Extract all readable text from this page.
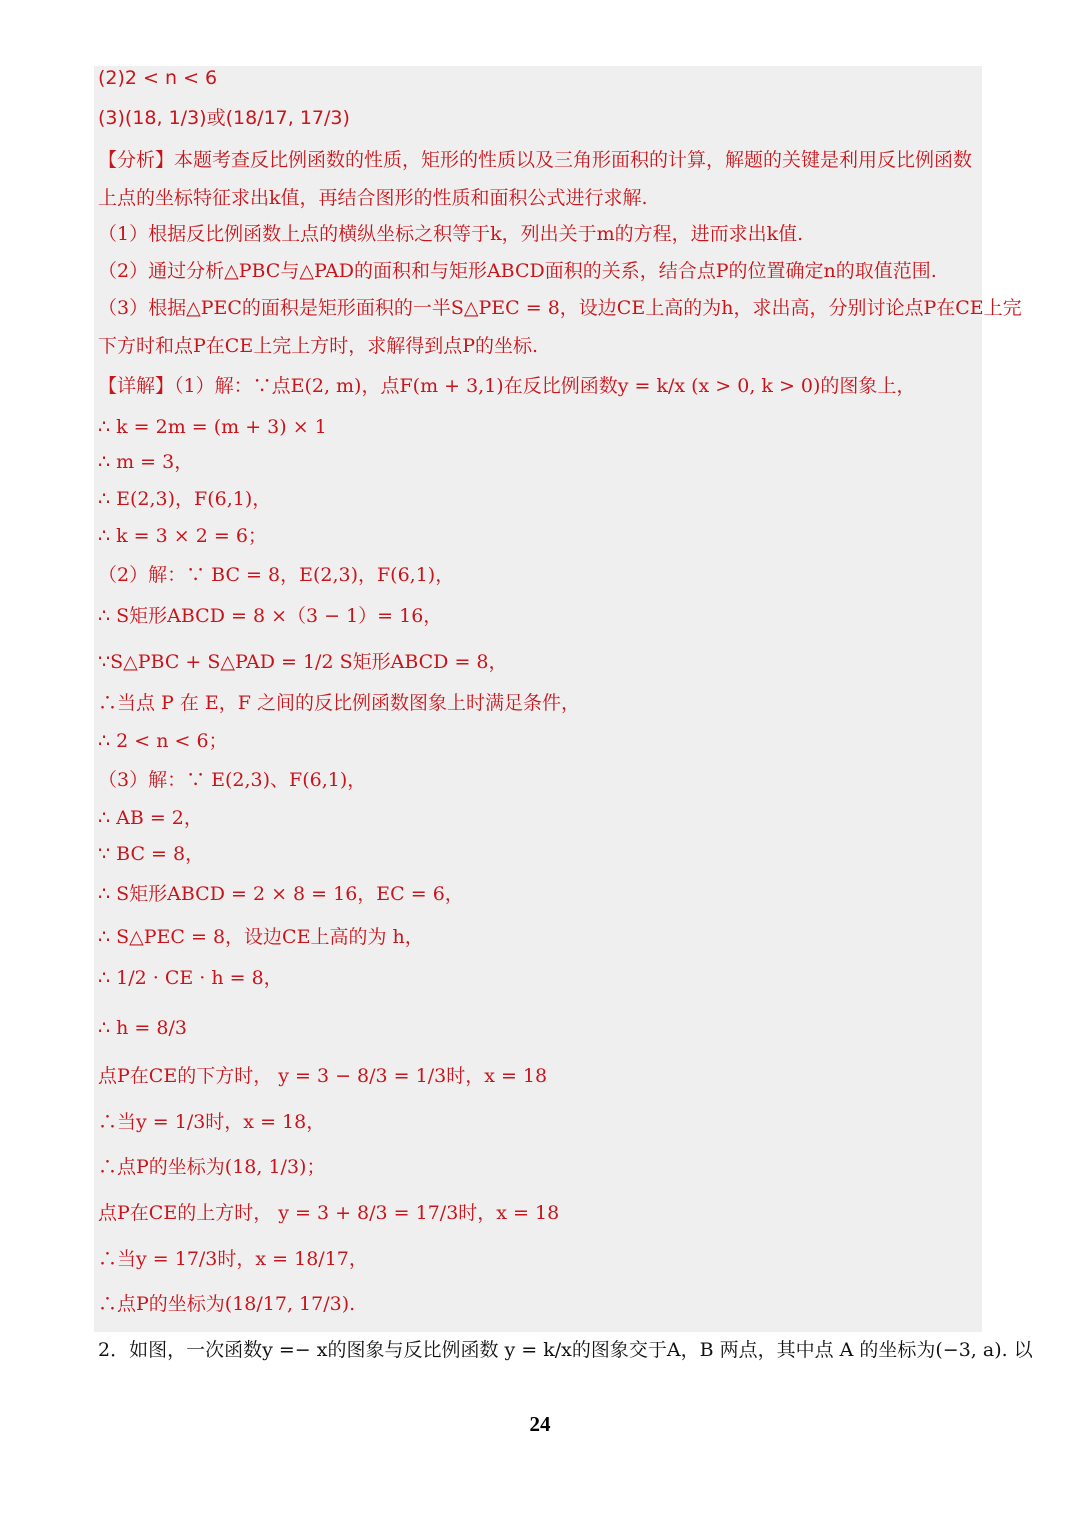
(2)2 < n < 6
(3)(18, 1/3)或(18/17, 17/3)
【分析】本题考查反比例函数的性质，矩形的性质以及三角形面积的计算，解题的关键是利用反比例函数
上点的坐标特征求出k值，再结合图形的性质和面积公式进行求解.
（1）根据反比例函数上点的横纵坐标之积等于k，列出关于m的方程，进而求出k值.
（2）通过分析△PBC与△PAD的面积和与矩形ABCD面积的关系，结合点P的位置确定n的取值范围.
（3）根据△PEC的面积是矩形面积的一半S△PEC = 8，设边CE上高的为h，求出高，分别讨论点P在CE上完
下方时和点P在CE上完上方时，求解得到点P的坐标.
【详解】（1）解：∵点E(2, m)，点F(m + 3,1)在反比例函数y = k/x (x > 0, k > 0)的图象上，
∴ k = 2m = (m + 3) × 1
∴ m = 3，
∴ E(2,3)，F(6,1)，
∴ k = 3 × 2 = 6；
（2）解：∵ BC = 8，E(2,3)，F(6,1)，
∴ S矩形ABCD = 8 ×（3 − 1）= 16，
∵S△PBC + S△PAD = 1/2 S矩形ABCD = 8，
∴当点 P 在 E，F 之间的反比例函数图象上时满足条件，
∴ 2 < n < 6；
（3）解：∵ E(2,3)、F(6,1)，
∴ AB = 2，
∵ BC = 8，
∴ S矩形ABCD = 2 × 8 = 16，EC = 6，
∴ S△PEC = 8，设边CE上高的为 h，
∴ 1/2 · CE · h = 8，
∴ h = 8/3
点P在CE的下方时， y = 3 − 8/3 = 1/3时，x = 18
∴当y = 1/3时，x = 18，
∴点P的坐标为(18, 1/3)；
点P在CE的上方时， y = 3 + 8/3 = 17/3时，x = 18
∴当y = 17/3时，x = 18/17，
∴点P的坐标为(18/17, 17/3).
2．如图，一次函数y =− x的图象与反比例函数 y = k/x的图象交于A，B 两点，其中点 A 的坐标为(−3, a). 以
24
